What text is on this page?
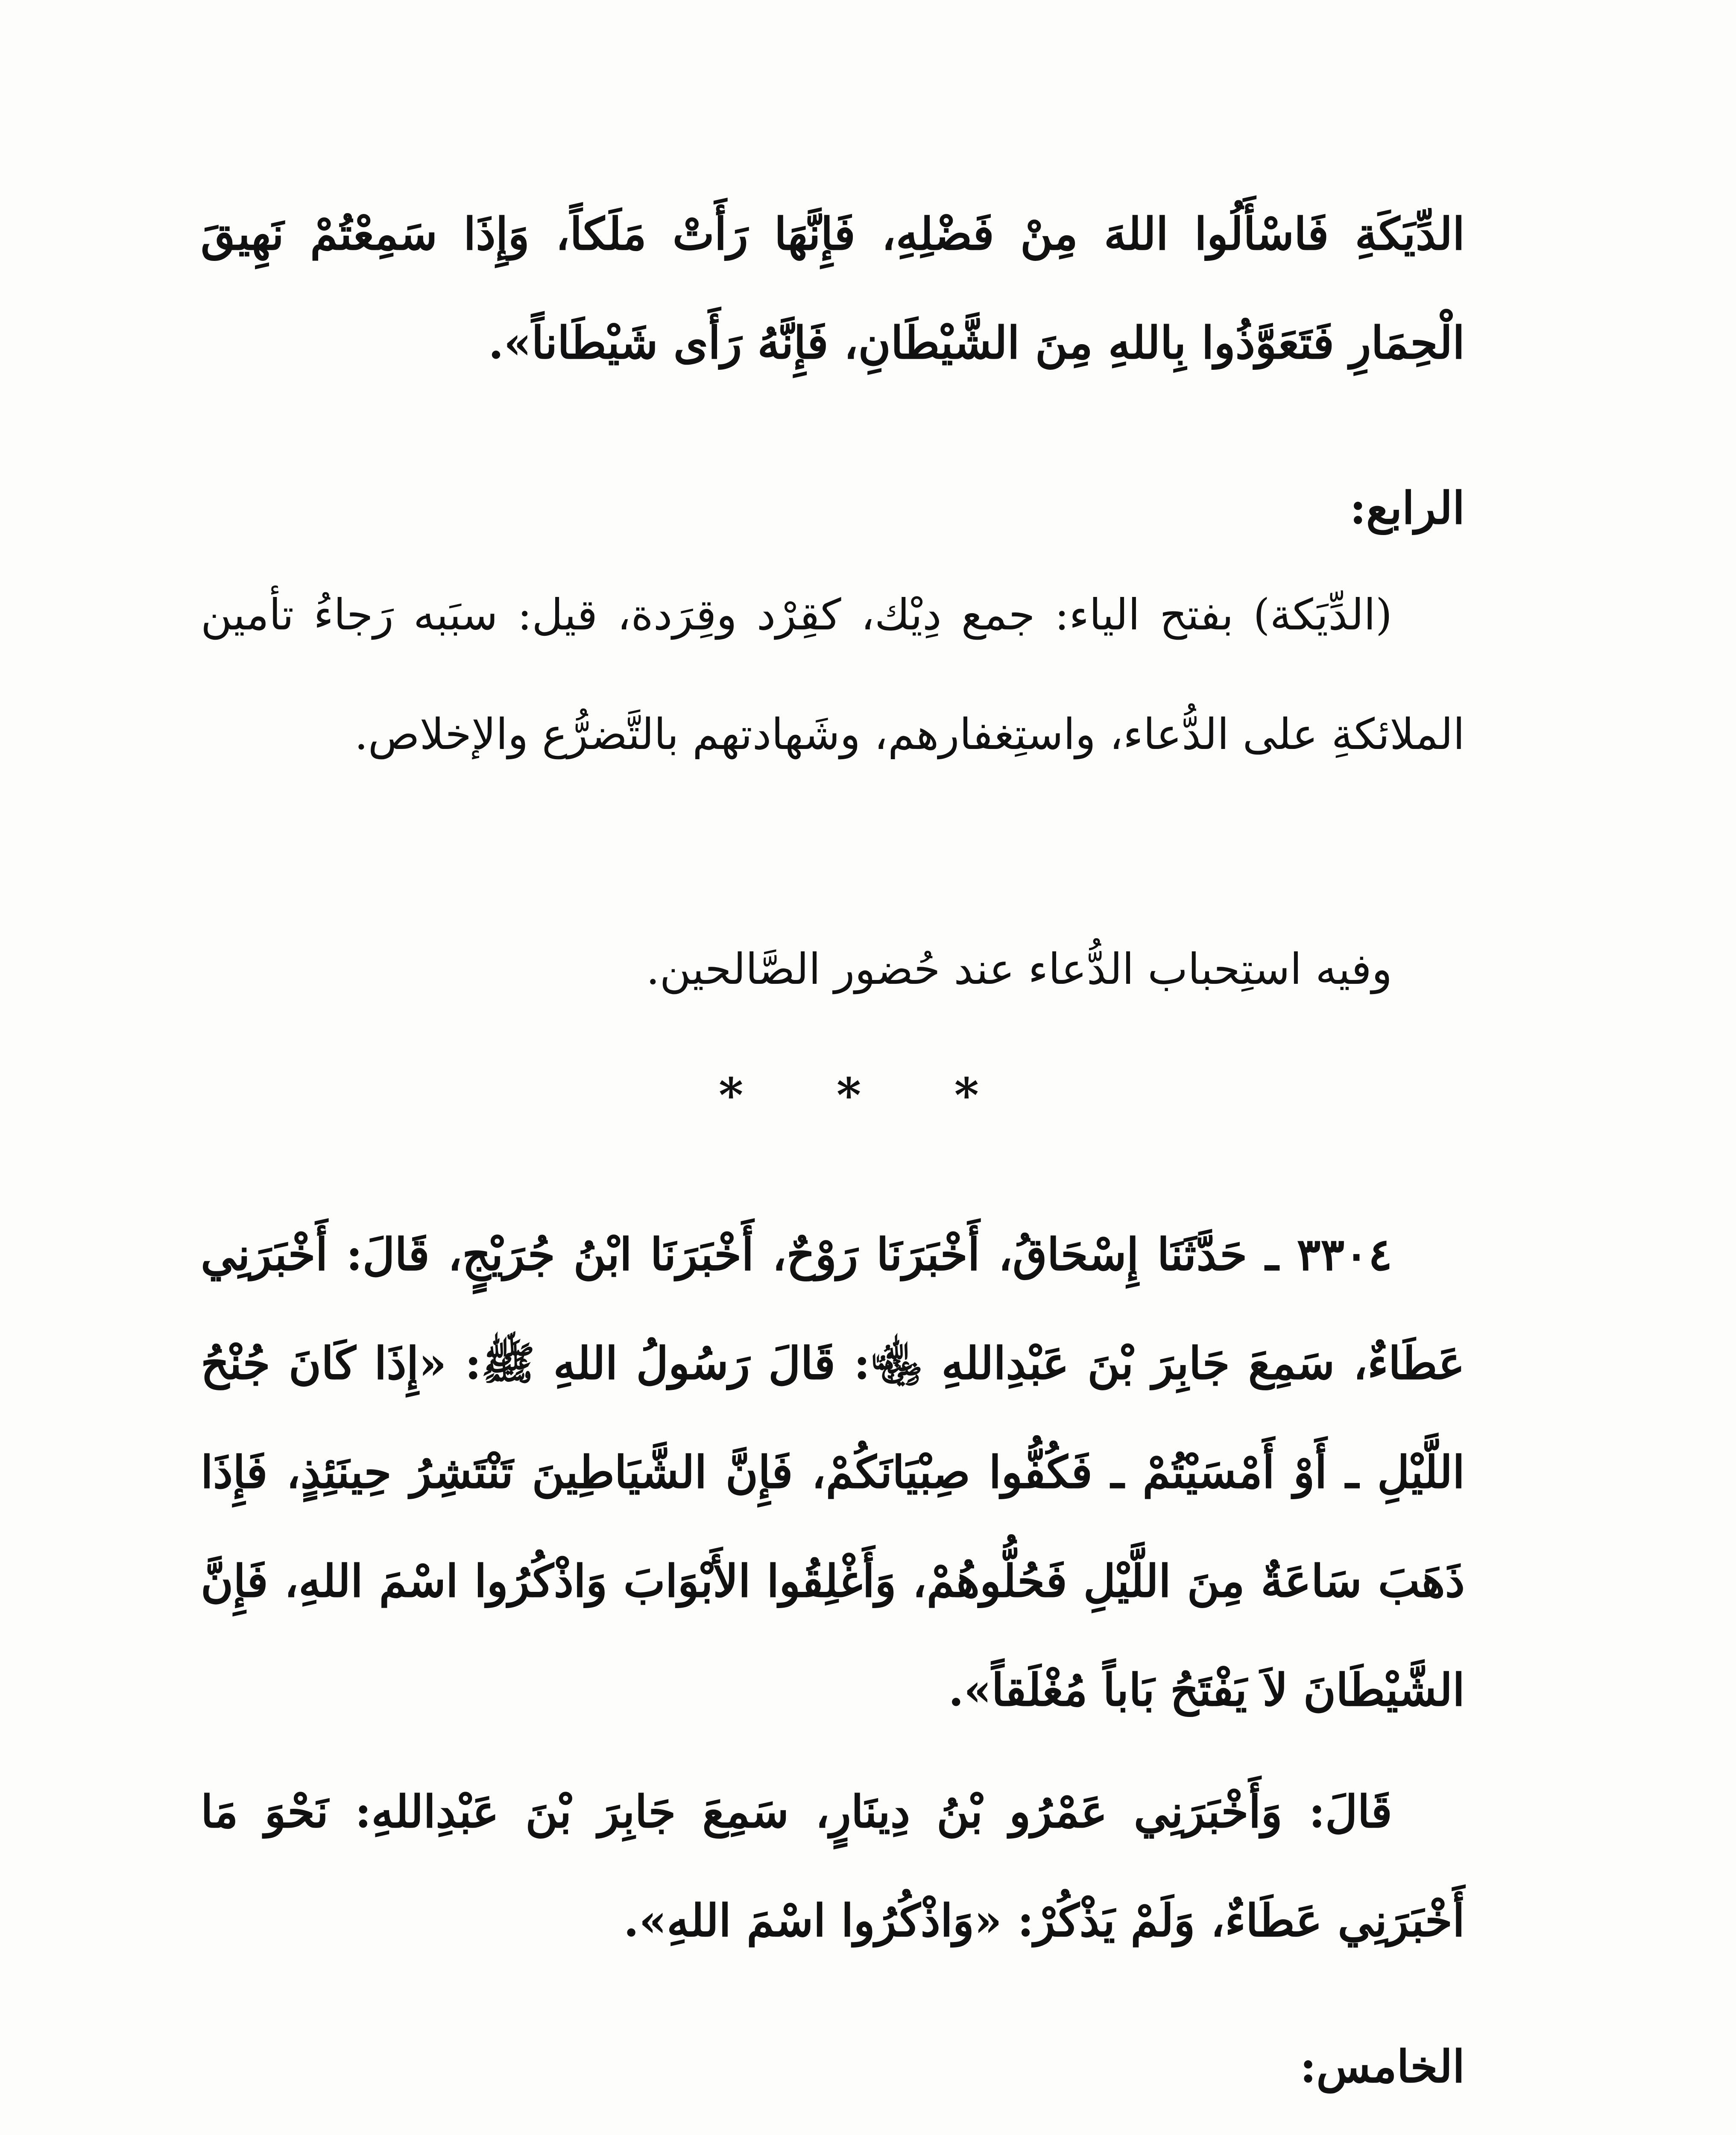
الدِّيَكَةِ فَاسْأَلُوا اللهَ مِنْ فَضْلِهِ، فَإِنَّهَا رَأَتْ مَلَكاً، وَإِذَا سَمِعْتُمْ نَهِيقَ الْحِمَارِ فَتَعَوَّذُوا بِاللهِ مِنَ الشَّيْطَانِ، فَإِنَّهُ رَأَى شَيْطَاناً».

الرابع:

(الدِّيَكة) بفتح الياء: جمع دِيْك، كقِرْد وقِرَدة، قيل: سبَبه رَجاءُ تأمين الملائكةِ على الدُّعاء، واستِغفارهم، وشَهادتهم بالتَّضرُّع والإخلاص.

وفيه استِحباب الدُّعاء عند حُضور الصَّالحين.

* * *

٣٣٠٤ ـ حَدَّثَنَا إِسْحَاقُ، أَخْبَرَنَا رَوْحٌ، أَخْبَرَنَا ابْنُ جُرَيْجٍ، قَالَ: أَخْبَرَنِي عَطَاءٌ، سَمِعَ جَابِرَ بْنَ عَبْدِاللهِ ﵄: قَالَ رَسُولُ اللهِ ﷺ: «إِذَا كَانَ جُنْحُ اللَّيْلِ ـ أَوْ أَمْسَيْتُمْ ـ فَكُفُّوا صِبْيَانَكُمْ، فَإِنَّ الشَّيَاطِينَ تَنْتَشِرُ حِينَئِذٍ، فَإِذَا ذَهَبَ سَاعَةٌ مِنَ اللَّيْلِ فَحُلُّوهُمْ، وَأَغْلِقُوا الأَبْوَابَ وَاذْكُرُوا اسْمَ اللهِ، فَإِنَّ الشَّيْطَانَ لاَ يَفْتَحُ بَاباً مُغْلَقاً».

قَالَ: وَأَخْبَرَنِي عَمْرُو بْنُ دِينَارٍ، سَمِعَ جَابِرَ بْنَ عَبْدِاللهِ: نَحْوَ مَا أَخْبَرَنِي عَطَاءٌ، وَلَمْ يَذْكُرْ: «وَاذْكُرُوا اسْمَ اللهِ».

الخامس:
